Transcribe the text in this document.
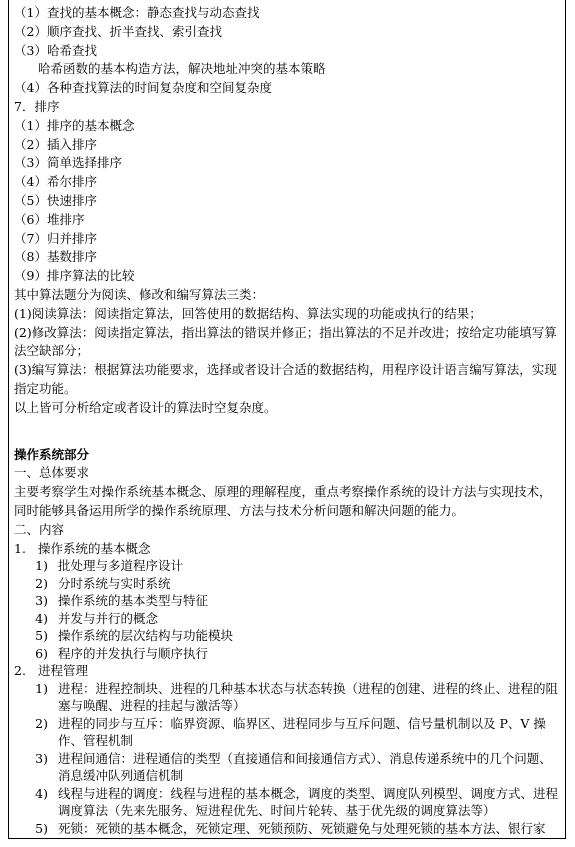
（1）查找的基本概念：静态查找与动态查找
（2）顺序查找、折半查找、索引查找
（3）哈希查找
哈希函数的基本构造方法，解决地址冲突的基本策略
（4）各种查找算法的时间复杂度和空间复杂度
7．排序
（1）排序的基本概念
（2）插入排序
（3）简单选择排序
（4）希尔排序
（5）快速排序
（6）堆排序
（7）归并排序
（8）基数排序
（9）排序算法的比较
其中算法题分为阅读、修改和编写算法三类：
(1)阅读算法：阅读指定算法，回答使用的数据结构、算法实现的功能或执行的结果；
(2)修改算法：阅读指定算法，指出算法的错误并修正；指出算法的不足并改进；按给定功能填写算法空缺部分；
(3)编写算法：根据算法功能要求，选择或者设计合适的数据结构，用程序设计语言编写算法，实现指定功能。
以上皆可分析给定或者设计的算法时空复杂度。
操作系统部分
一、总体要求
主要考察学生对操作系统基本概念、原理的理解程度，重点考察操作系统的设计方法与实现技术，同时能够具备运用所学的操作系统原理、方法与技术分析问题和解决问题的能力。
二、内容
1. 操作系统的基本概念
1) 批处理与多道程序设计
2) 分时系统与实时系统
3) 操作系统的基本类型与特征
4) 并发与并行的概念
5) 操作系统的层次结构与功能模块
6) 程序的并发执行与顺序执行
2. 进程管理
1) 进程：进程控制块、进程的几种基本状态与状态转换（进程的创建、进程的终止、进程的阻塞与唤醒、进程的挂起与激活等）
2) 进程的同步与互斥：临界资源、临界区、进程同步与互斥问题、信号量机制以及 P、V 操作、管程机制
3) 进程间通信：进程通信的类型（直接通信和间接通信方式）、消息传递系统中的几个问题、消息缓冲队列通信机制
4) 线程与进程的调度：线程与进程的基本概念，调度的类型、调度队列模型、调度方式、进程调度算法（先来先服务、短进程优先、时间片轮转、基于优先级的调度算法等）
5) 死锁：死锁的基本概念，死锁定理、死锁预防、死锁避免与处理死锁的基本方法、银行家
